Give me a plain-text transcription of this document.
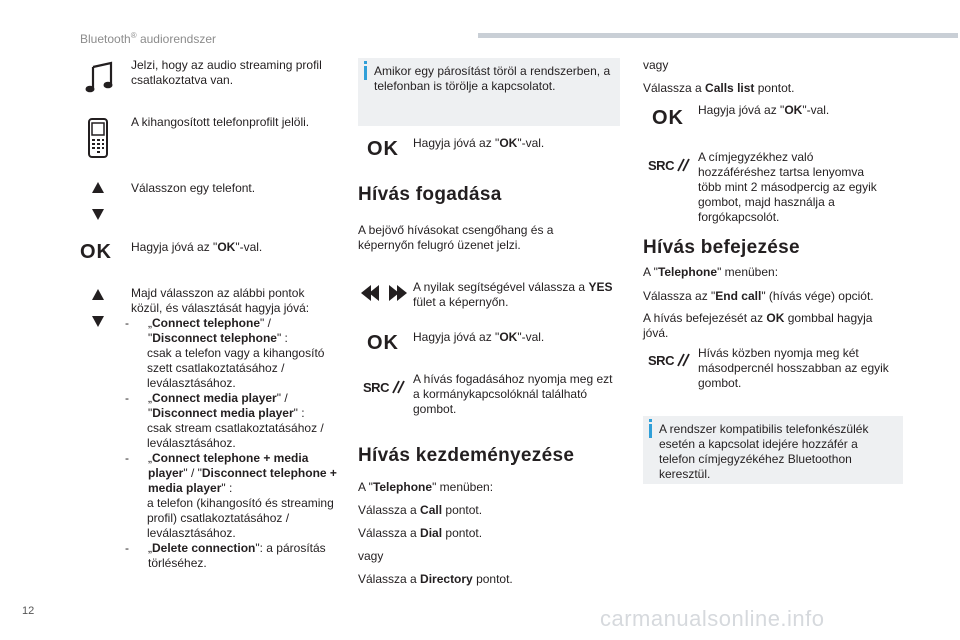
Bluetooth® audiorendszer
Jelzi, hogy az audio streaming profil csatlakoztatva van.
A kihangosított telefonprofilt jelöli.
Válasszon egy telefont.
OK	Hagyja jóvá az "OK"-val.
Majd válasszon az alábbi pontok közül, és választását hagyja jóvá:
-	„Connect telephone" / "Disconnect telephone" :
csak a telefon vagy a kihangosító szett csatlakoztatásához / leválasztásához.
-	„Connect media player" / "Disconnect media player" :
csak stream csatlakoztatásához / leválasztásához.
-	„Connect telephone + media player" / "Disconnect telephone + media player" :
a telefon (kihangosító és streaming profil) csatlakoztatásához / leválasztásához.
-	„Delete connection": a párosítás törléséhez.
Amikor egy párosítást töröl a rendszerben, a telefonban is törölje a kapcsolatot.
OK	Hagyja jóvá az "OK"-val.
Hívás fogadása
A bejövő hívásokat csengőhang és a képernyőn felugró üzenet jelzi.
A nyilak segítségével válassza a YES fület a képernyőn.
OK	Hagyja jóvá az "OK"-val.
SRC
A hívás fogadásához nyomja meg ezt a kormánykapcsolóknál található gombot.
Hívás kezdeményezése
A "Telephone" menüben:
Válassza a Call pontot.
Válassza a Dial pontot.
vagy
Válassza a Directory pontot.
vagy
Válassza a Calls list pontot.
OK	Hagyja jóvá az "OK"-val.
SRC
A címjegyzékhez való hozzáféréshez tartsa lenyomva több mint 2 másodpercig az egyik gombot, majd használja a forgókapcsolót.
Hívás befejezése
A "Telephone" menüben:
Válassza az "End call" (hívás vége) opciót.
A hívás befejezését az OK gombbal hagyja jóvá.
SRC Hívás közben nyomja meg két másodpercnél hosszabban az egyik gombot.
A rendszer kompatibilis telefonkészülék esetén a kapcsolat idejére hozzáfér a telefon címjegyzékéhez Bluetoothon keresztül.
12	carmanualsonline.info
